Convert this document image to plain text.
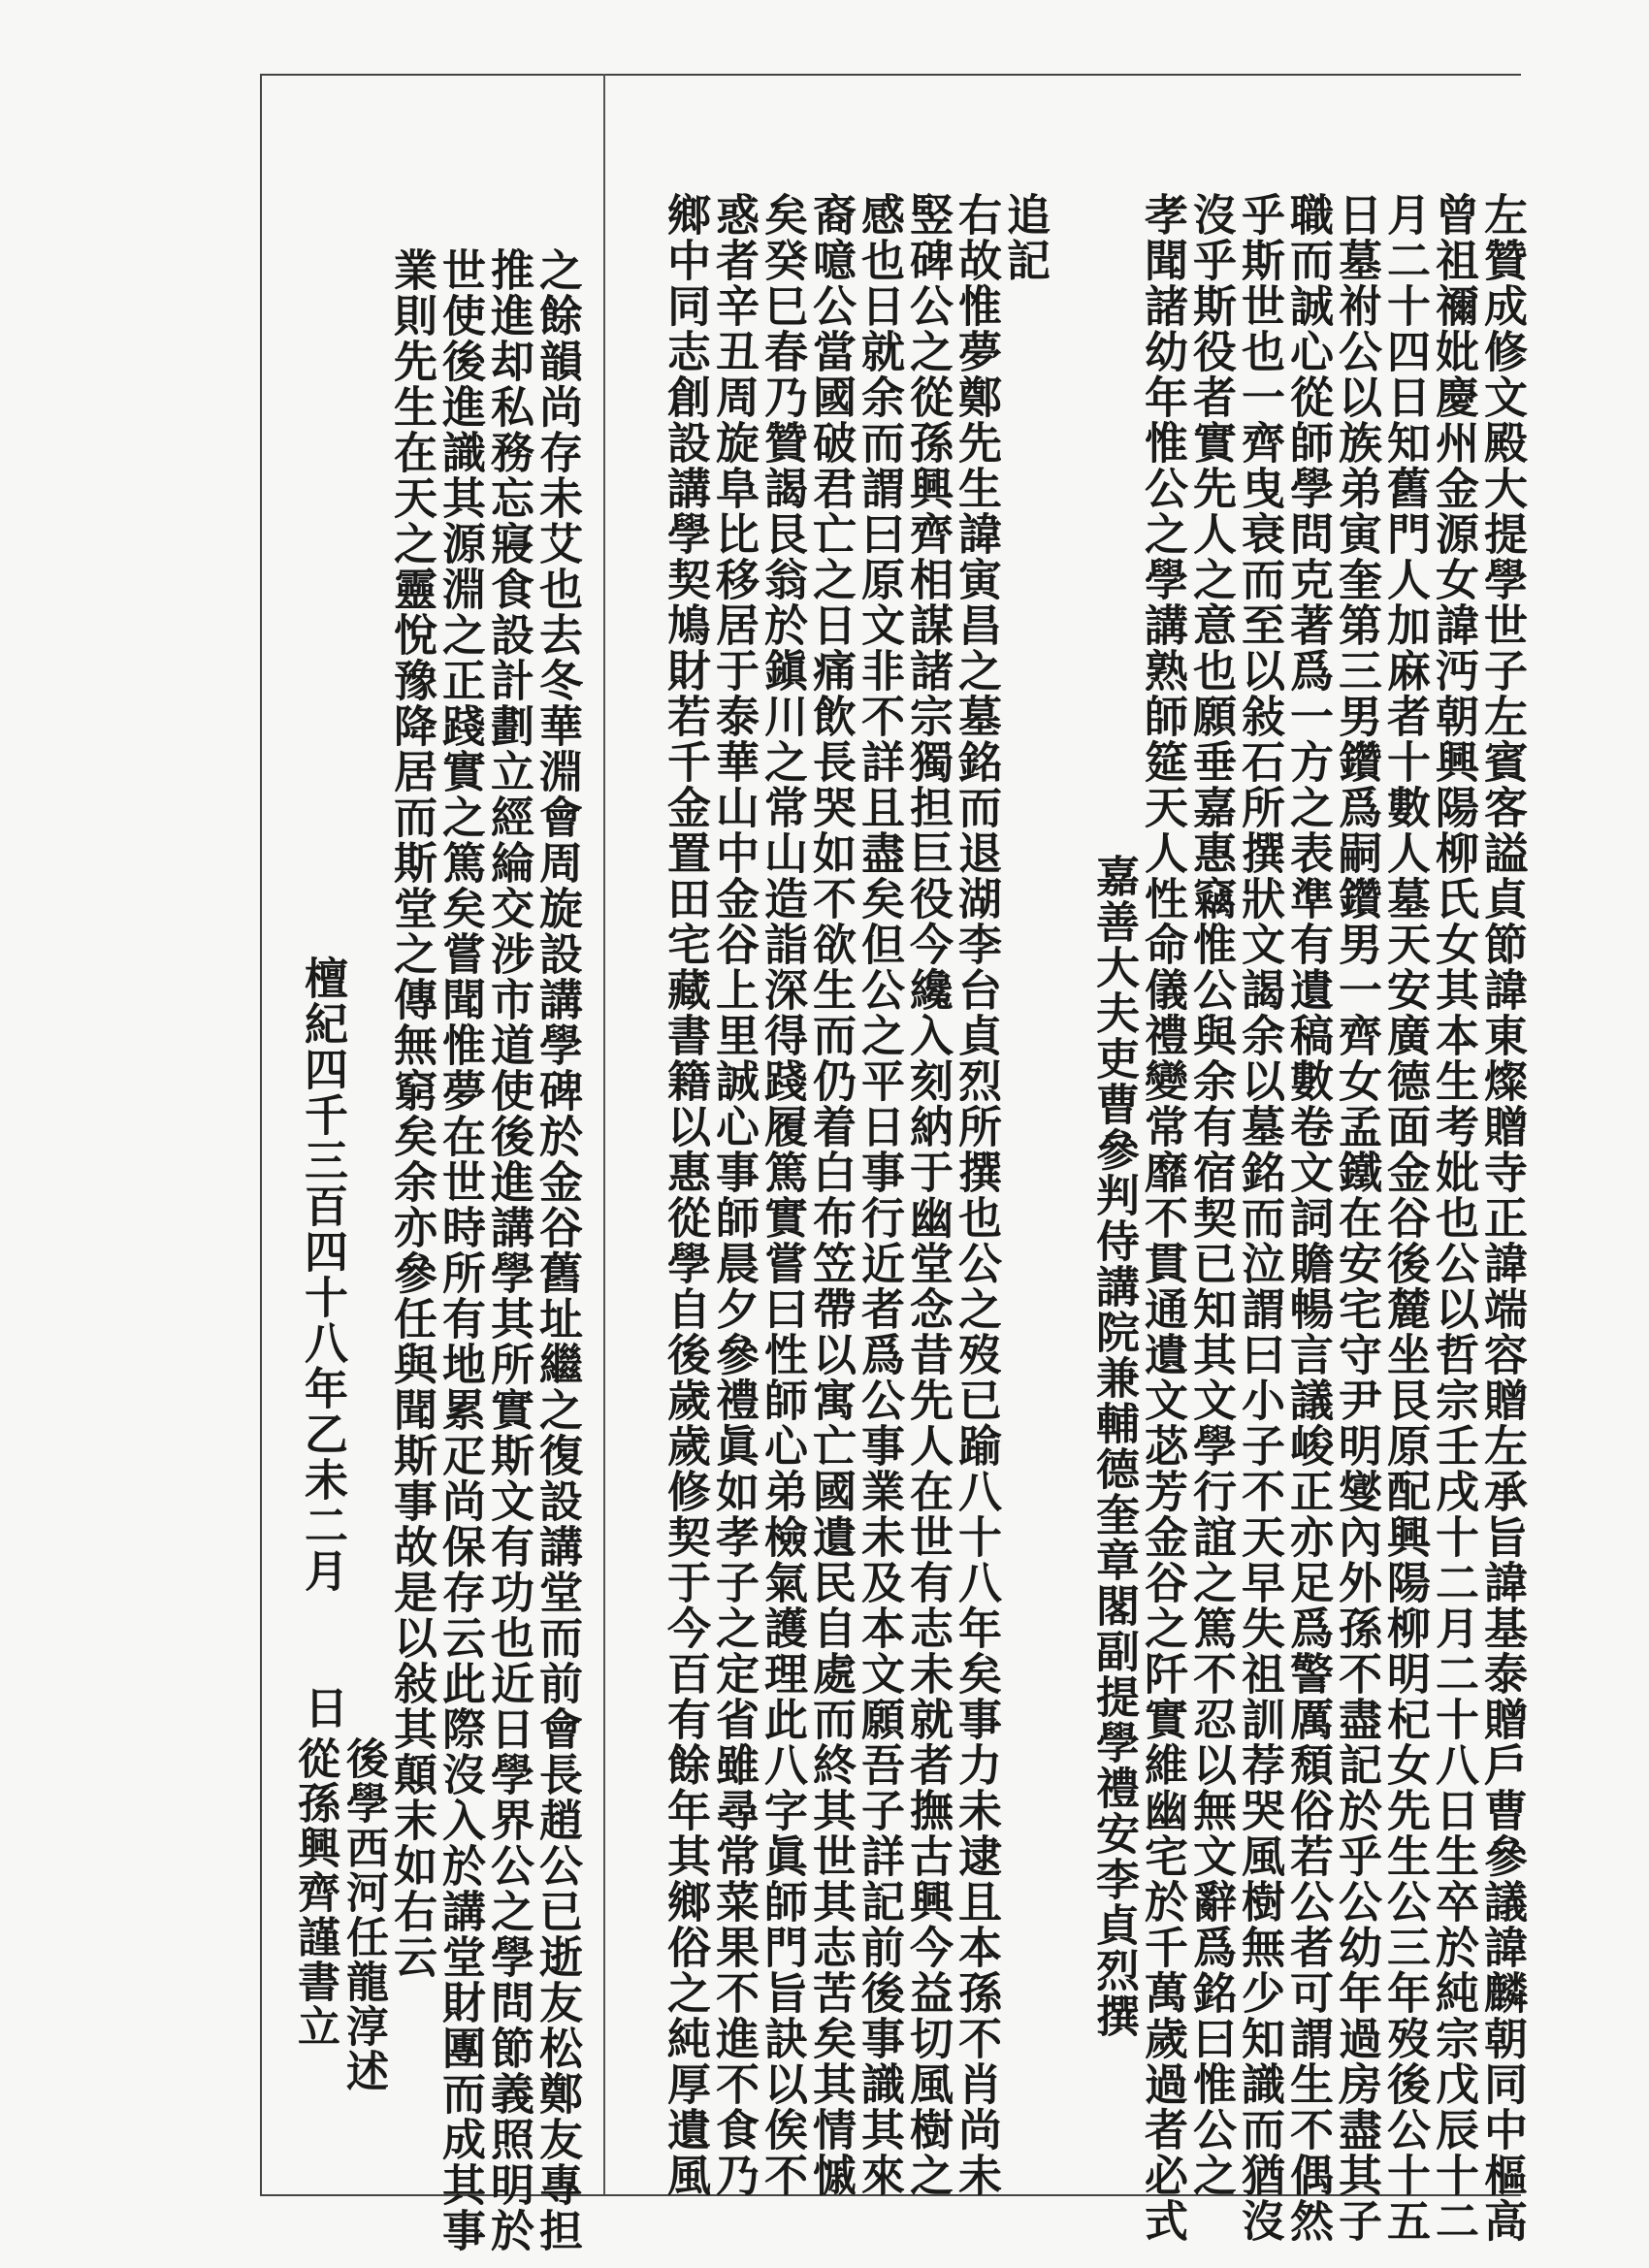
左贊成修文殿大提學世子左賓客謚貞節諱東燦贈寺正諱端容贈左承旨諱基泰贈戶曹參議諱麟朝同中樞高
曾祖禰妣慶州金源女諱沔朝興陽柳氏女其本生考妣也公以哲宗壬戌十二月二十八日生卒於純宗戊辰十二
月二十四日知舊門人加麻者十數人墓天安廣德面金谷後麓坐艮原配興陽柳明杞女先生公三年歿後公十五
日墓祔公以族弟寅奎第三男鑽爲嗣鑽男一齊女孟鐵在安宅守尹明燮內外孫不盡記於乎公幼年過房盡其子
職而誠心從師學問克著爲一方之表準有遺稿數卷文詞贍暢言議峻正亦足爲警厲頹俗若公者可謂生不偶然
乎斯世也一齊曳衰而至以敍石所撰狀文謁余以墓銘而泣謂曰小子不天早失祖訓荐哭風樹無少知識而猶沒
沒乎斯役者實先人之意也願垂嘉惠竊惟公與余有宿契已知其文學行誼之篤不忍以無文辭爲銘曰惟公之
孝聞諸幼年惟公之學講熟師筵天人性命儀禮變常靡不貫通遺文苾芳金谷之阡實維幽宅於千萬歲過者必式
嘉善大夫吏曹參判侍講院兼輔德奎章閣副提學禮安李貞烈撰
追記
右故惟夢鄭先生諱寅昌之墓銘而退湖李台貞烈所撰也公之歿已踰八十八年矣事力未逮且本孫不肖尚未
竪碑公之從孫興齊相謀諸宗獨担巨役今纔入刻納于幽堂念昔先人在世有志未就者撫古興今益切風樹之
感也日就余而謂曰原文非不詳且盡矣但公之平日事行近者爲公事業未及本文願吾子詳記前後事識其來
裔噫公當國破君亡之日痛飲長哭如不欲生而仍着白布笠帶以寓亡國遺民自處而終其世其志苦矣其情慽
矣癸巳春乃贊謁艮翁於鎭川之常山造詣深得踐履篤實嘗曰性師心弟檢氣護理此八字眞師門旨訣以俟不
惑者辛丑周旋阜比移居于泰華山中金谷上里誠心事師晨夕參禮眞如孝子之定省雖尋常菜果不進不食乃
鄉中同志創設講學契鳩財若千金置田宅藏書籍以惠從學自後歲歲修契于今百有餘年其鄉俗之純厚遺風
之餘韻尚存未艾也去冬華淵會周旋設講學碑於金谷舊址繼之復設講堂而前會長趙公已逝友松鄭友專担
推進却私務忘寢食設計劃立經綸交涉市道使後進講學其所實斯文有功也近日學界公之學問節義照明於
世使後進識其源淵之正踐實之篤矣嘗聞惟夢在世時所有地累疋尚保存云此際沒入於講堂財團而成其事
業則先生在天之靈悅豫降居而斯堂之傳無窮矣余亦參任與聞斯事故是以敍其顛末如右云
後學西河任龍淳述
從孫興齊謹書立
檀紀四千三百四十八年乙未二月　　日
